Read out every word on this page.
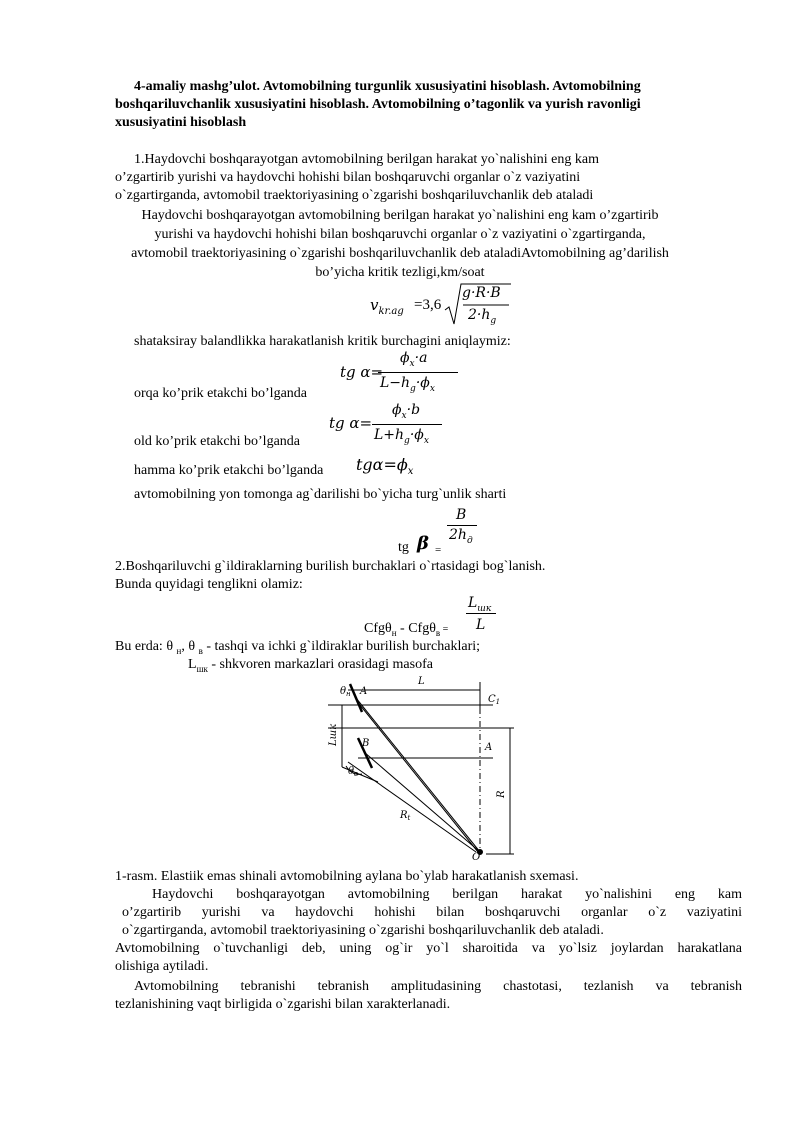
4-amaliy mashg’ulot. Avtomobilning turgunlik xususiyatini hisoblash. Avtomobilning
boshqariluvchanlik xususiyatini hisoblash. Avtomobilning o’tagonlik va yurish ravonligi
xususiyatini hisoblash
1.Haydovchi boshqarayotgan avtomobilning berilgan harakat yo`nalishini eng kam
o’zgartirib yurishi va haydovchi hohishi bilan boshqaruvchi organlar o`z vaziyatini
o`zgartirganda, avtomobil traektoriyasining o`zgarishi boshqariluvchanlik deb ataladi
Haydovchi boshqarayotgan avtomobilning berilgan harakat yo`nalishini eng kam o’zgartirib
yurishi va haydovchi hohishi bilan boshqaruvchi organlar o`z vaziyatini o`zgartirganda,
avtomobil traektoriyasining o`zgarishi boshqariluvchanlik deb ataladiAvtomobilning ag’darilish
bo’yicha kritik tezligi,km/soat
$v_{kr.ag} =3,6$
g·R·B
$2\cdot h_g$
shataksiray balandlikka harakatlanish kritik burchagini aniqlaymiz:
orqa ko’prik etakchi bo’lganda
tg α=
$\phi_x\cdot a$
$L-h_g\cdot\phi_x$
old ko’prik etakchi bo’lganda
tg α=
$\phi_x\cdot b$
$L+h_g\cdot\phi_x$
hamma ko’prik etakchi bo’lganda $tg\alpha=\phi_x$
avtomobilning yon tomonga ag`darilishi bo`yicha turg`unlik sharti
B
tg β =
$2h_д$
2.Boshqariluvchi g`ildiraklarning burilish burchaklari o`rtasidagi bog`lanish.
Bunda quyidagi tenglikni olamiz:
$L_{шк}$
Cfgθ$_н$ - Cfgθ$_в$ = L
Bu erda: θ $_н$, θ $_в$ - tashqi va ichki g`ildiraklar burilish burchaklari;
$L_{шк}$ - shkvoren markazlari orasidagi masofa
L
$C_1$
A
B
R
$R_t$
O
$\theta_н$
$\theta_в$
A
Lшк
1-rasm. Elastiik emas shinali avtomobilning aylana bo`ylab harakatlanish sxemasi.
Haydovchi boshqarayotgan avtomobilning berilgan harakat yo`nalishini eng kam
o’zgartirib yurishi va haydovchi hohishi bilan boshqaruvchi organlar o`z vaziyatini
o`zgartirganda, avtomobil traektoriyasining o`zgarishi boshqariluvchanlik deb ataladi.
Avtomobilning o`tuvchanligi deb, uning og`ir yo`l sharoitida va yo`lsiz joylardan harakatlana
olishiga aytiladi.
Avtomobilning tebranishi tebranish amplitudasining chastotasi, tezlanish va tebranish
tezlanishining vaqt birligida o`zgarishi bilan xarakterlanadi.
